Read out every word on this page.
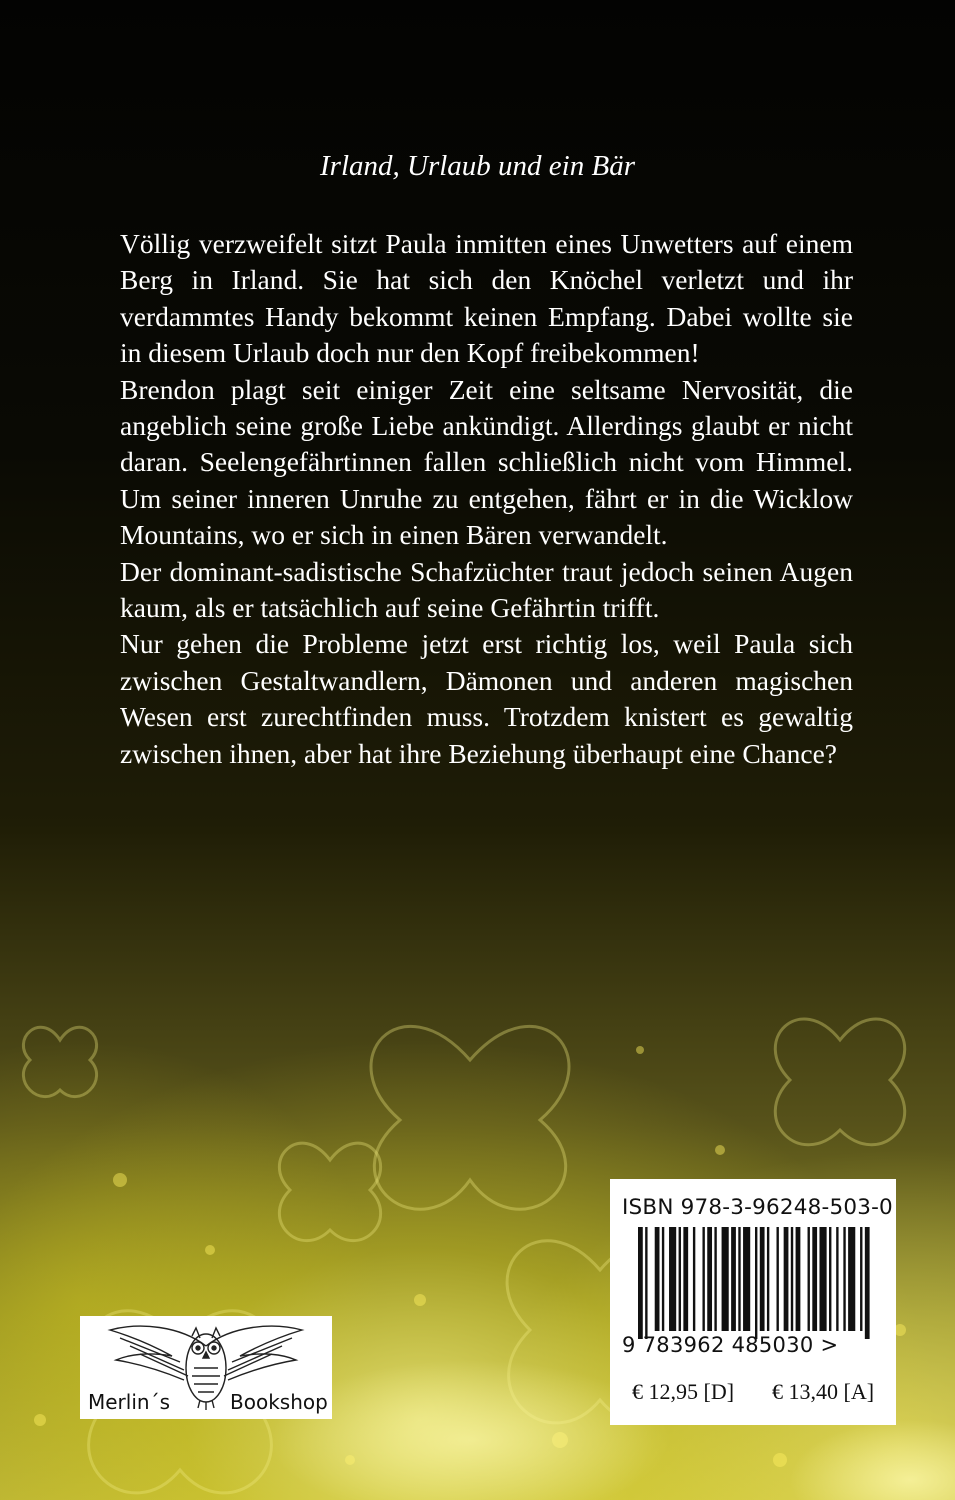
Irland, Urlaub und ein Bär

Völlig verzweifelt sitzt Paula inmitten eines Unwetters auf einem Berg in Irland. Sie hat sich den Knöchel verletzt und ihr verdammtes Handy bekommt keinen Empfang. Dabei wollte sie in diesem Urlaub doch nur den Kopf freibekommen!

Brendon plagt seit einiger Zeit eine seltsame Nervosität, die angeblich seine große Liebe ankündigt. Allerdings glaubt er nicht daran. Seelengefährtinnen fallen schließlich nicht vom Himmel. Um seiner inneren Unruhe zu entgehen, fährt er in die Wicklow Mountains, wo er sich in einen Bären verwandelt.

Der dominant-sadistische Schafzüchter traut jedoch seinen Augen kaum, als er tatsächlich auf seine Gefährtin trifft.

Nur gehen die Probleme jetzt erst richtig los, weil Paula sich zwischen Gestaltwandlern, Dämonen und anderen magischen Wesen erst zurechtfinden muss. Trotzdem knistert es gewaltig zwischen ihnen, aber hat ihre Beziehung überhaupt eine Chance?

Merlin´s	Bookshop
ISBN 978-3-96248-503-0
9 783962 485030 >
€ 12,95 [D] € 13,40 [A]
